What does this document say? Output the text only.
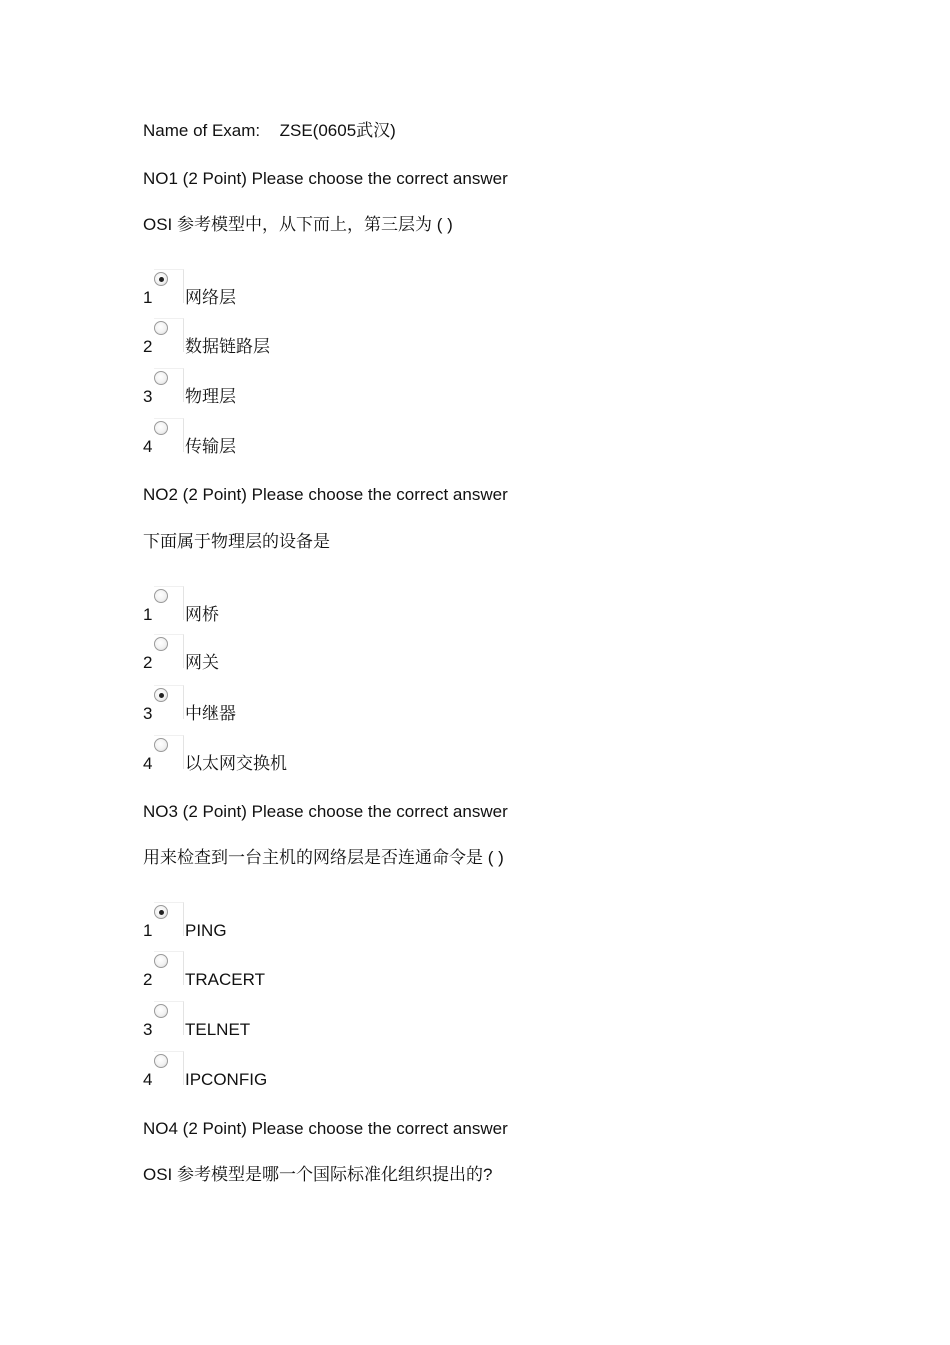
Name of Exam: ZSE(0605武汉)
NO1 (2 Point) Please choose the correct answer
OSI 参考模型中，从下而上，第三层为 ( )
1 网络层
2 数据链路层
3 物理层
4 传输层
NO2 (2 Point) Please choose the correct answer
下面属于物理层的设备是
1 网桥
2 网关
3 中继器
4 以太网交换机
NO3 (2 Point) Please choose the correct answer
用来检查到一台主机的网络层是否连通命令是 ( )
1 PING
2 TRACERT
3 TELNET
4 IPCONFIG
NO4 (2 Point) Please choose the correct answer
OSI 参考模型是哪一个国际标准化组织提出的?
